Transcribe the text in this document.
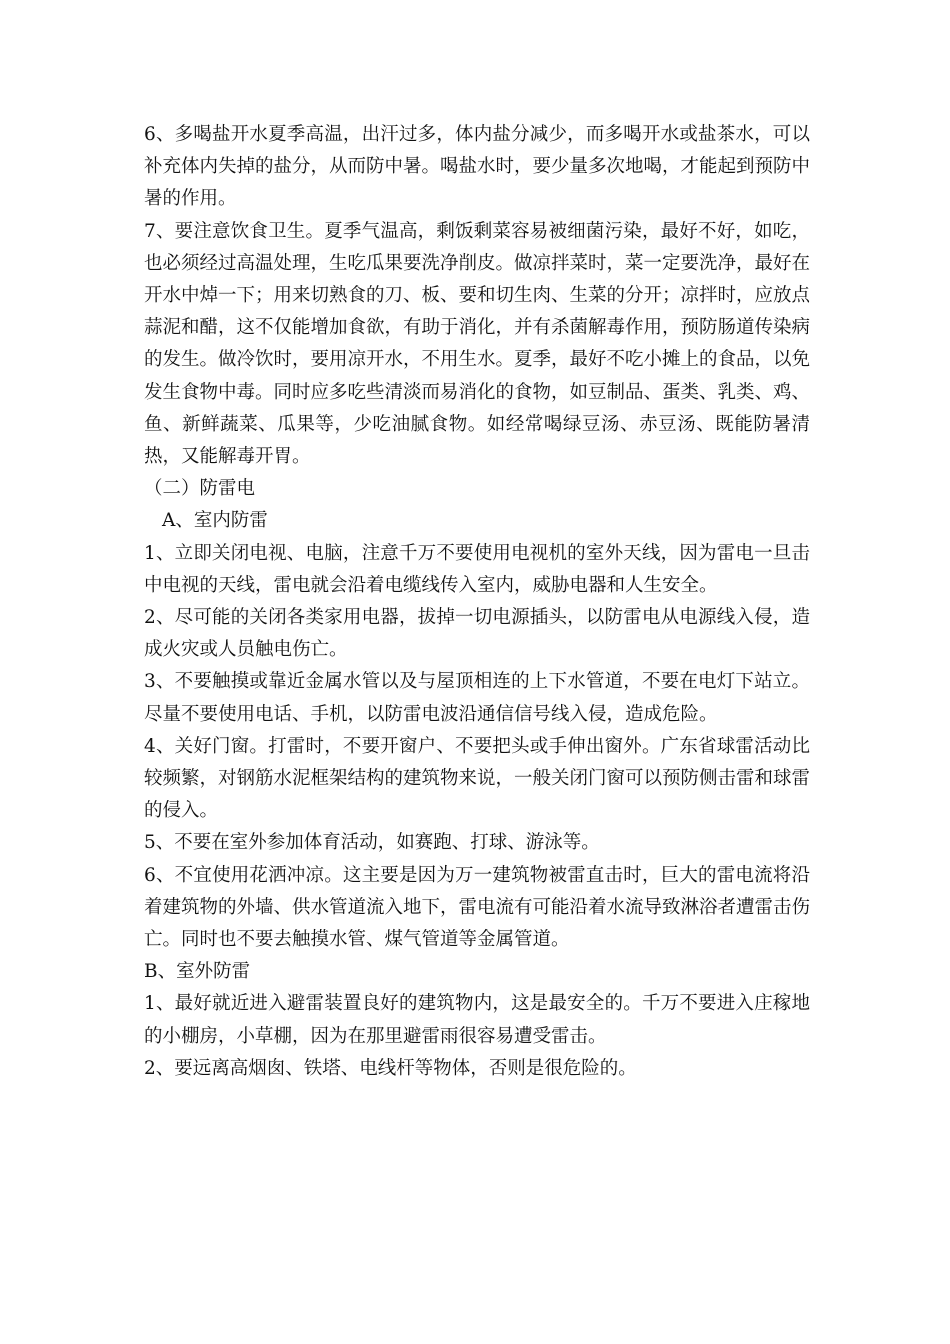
6、多喝盐开水夏季高温，出汗过多，体内盐分减少，而多喝开水或盐茶水，可以补充体内失掉的盐分，从而防中暑。喝盐水时，要少量多次地喝，才能起到预防中暑的作用。

7、要注意饮食卫生。夏季气温高，剩饭剩菜容易被细菌污染，最好不好，如吃，也必须经过高温处理，生吃瓜果要洗净削皮。做凉拌菜时，菜一定要洗净，最好在开水中焯一下；用来切熟食的刀、板、要和切生肉、生菜的分开；凉拌时，应放点蒜泥和醋，这不仅能增加食欲，有助于消化，并有杀菌解毒作用，预防肠道传染病的发生。做冷饮时，要用凉开水，不用生水。夏季，最好不吃小摊上的食品，以免发生食物中毒。同时应多吃些清淡而易消化的食物，如豆制品、蛋类、乳类、鸡、鱼、新鲜蔬菜、瓜果等，少吃油腻食物。如经常喝绿豆汤、赤豆汤、既能防暑清热，又能解毒开胃。

（二）防雷电

A、室内防雷

1、立即关闭电视、电脑，注意千万不要使用电视机的室外天线，因为雷电一旦击中电视的天线，雷电就会沿着电缆线传入室内，威胁电器和人生安全。

2、尽可能的关闭各类家用电器，拔掉一切电源插头，以防雷电从电源线入侵，造成火灾或人员触电伤亡。

3、不要触摸或靠近金属水管以及与屋顶相连的上下水管道，不要在电灯下站立。尽量不要使用电话、手机，以防雷电波沿通信信号线入侵，造成危险。

4、关好门窗。打雷时，不要开窗户、不要把头或手伸出窗外。广东省球雷活动比较频繁，对钢筋水泥框架结构的建筑物来说，一般关闭门窗可以预防侧击雷和球雷的侵入。

5、不要在室外参加体育活动，如赛跑、打球、游泳等。

6、不宜使用花洒冲凉。这主要是因为万一建筑物被雷直击时，巨大的雷电流将沿着建筑物的外墙、供水管道流入地下，雷电流有可能沿着水流导致淋浴者遭雷击伤亡。同时也不要去触摸水管、煤气管道等金属管道。

B、室外防雷

1、最好就近进入避雷装置良好的建筑物内，这是最安全的。千万不要进入庄稼地的小棚房，小草棚，因为在那里避雷雨很容易遭受雷击。

2、要远离高烟囱、铁塔、电线杆等物体，否则是很危险的。
